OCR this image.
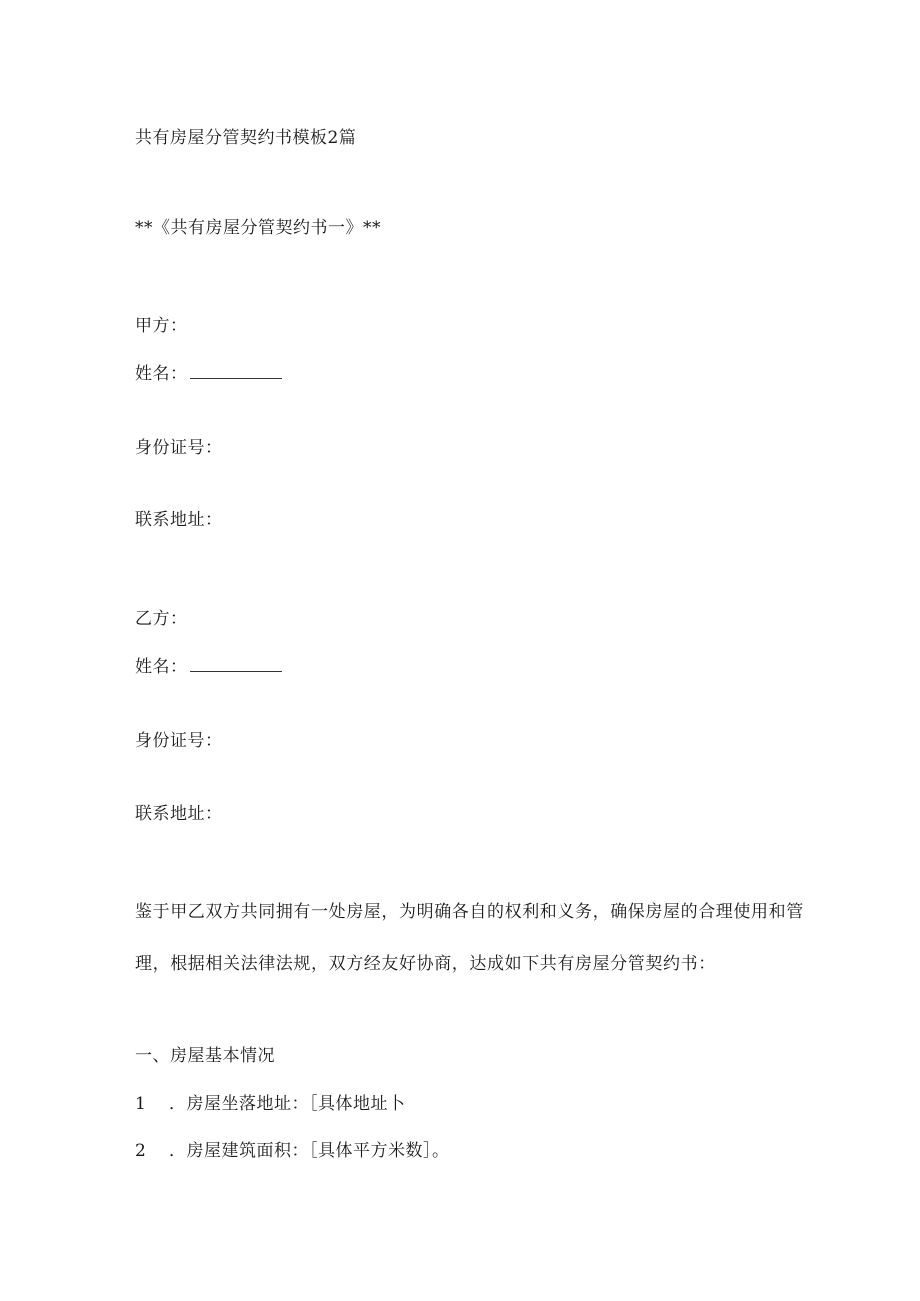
共有房屋分管契约书模板2篇
**《共有房屋分管契约书一》**
甲方：
姓名：
身份证号：
联系地址：
乙方：
姓名：
身份证号：
联系地址：
鉴于甲乙双方共同拥有一处房屋，为明确各自的权利和义务，确保房屋的合理使用和管
理，根据相关法律法规，双方经友好协商，达成如下共有房屋分管契约书：
一、房屋基本情况
1 ．房屋坐落地址：［具体地址卜
2 ．房屋建筑面积：［具体平方米数］。
